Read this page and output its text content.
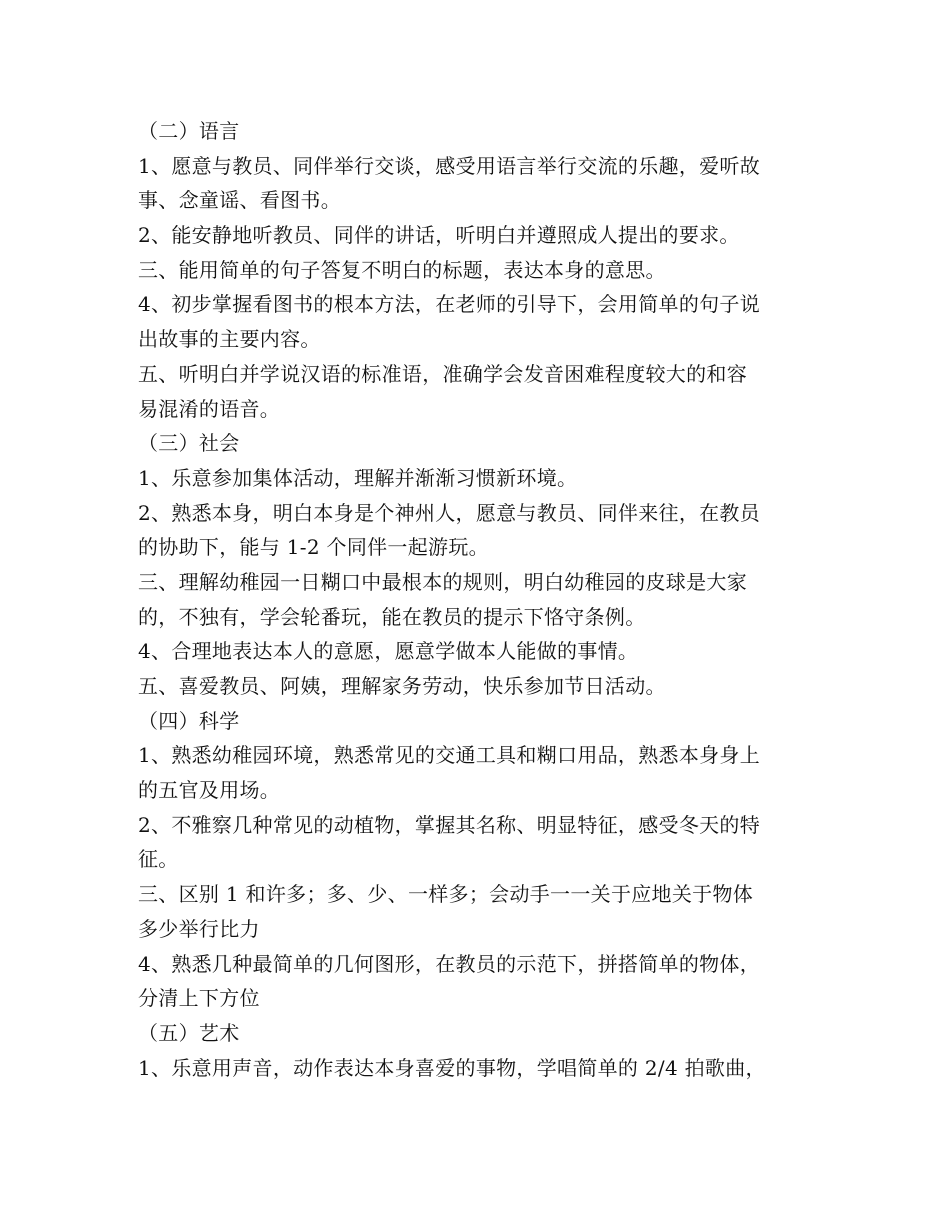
（二）语言

1、愿意与教员、同伴举行交谈，感受用语言举行交流的乐趣，爱听故

事、念童谣、看图书。

2、能安静地听教员、同伴的讲话，听明白并遵照成人提出的要求。

三、能用简单的句子答复不明白的标题，表达本身的意思。

4、初步掌握看图书的根本方法，在老师的引导下，会用简单的句子说

出故事的主要内容。

五、听明白并学说汉语的标准语，准确学会发音困难程度较大的和容

易混淆的语音。

（三）社会

1、乐意参加集体活动，理解并渐渐习惯新环境。

2、熟悉本身，明白本身是个神州人，愿意与教员、同伴来往，在教员

的协助下，能与 1-2 个同伴一起游玩。

三、理解幼稚园一日糊口中最根本的规则，明白幼稚园的皮球是大家

的，不独有，学会轮番玩，能在教员的提示下恪守条例。

4、合理地表达本人的意愿，愿意学做本人能做的事情。

五、喜爱教员、阿姨，理解家务劳动，快乐参加节日活动。

（四）科学

1、熟悉幼稚园环境，熟悉常见的交通工具和糊口用品，熟悉本身身上

的五官及用场。

2、不雅察几种常见的动植物，掌握其名称、明显特征，感受冬天的特

征。

三、区别 1 和许多；多、少、一样多；会动手一一关于应地关于物体

多少举行比力

4、熟悉几种最简单的几何图形，在教员的示范下，拼搭简单的物体，

分清上下方位

（五）艺术

1、乐意用声音，动作表达本身喜爱的事物，学唱简单的 2/4 拍歌曲，
